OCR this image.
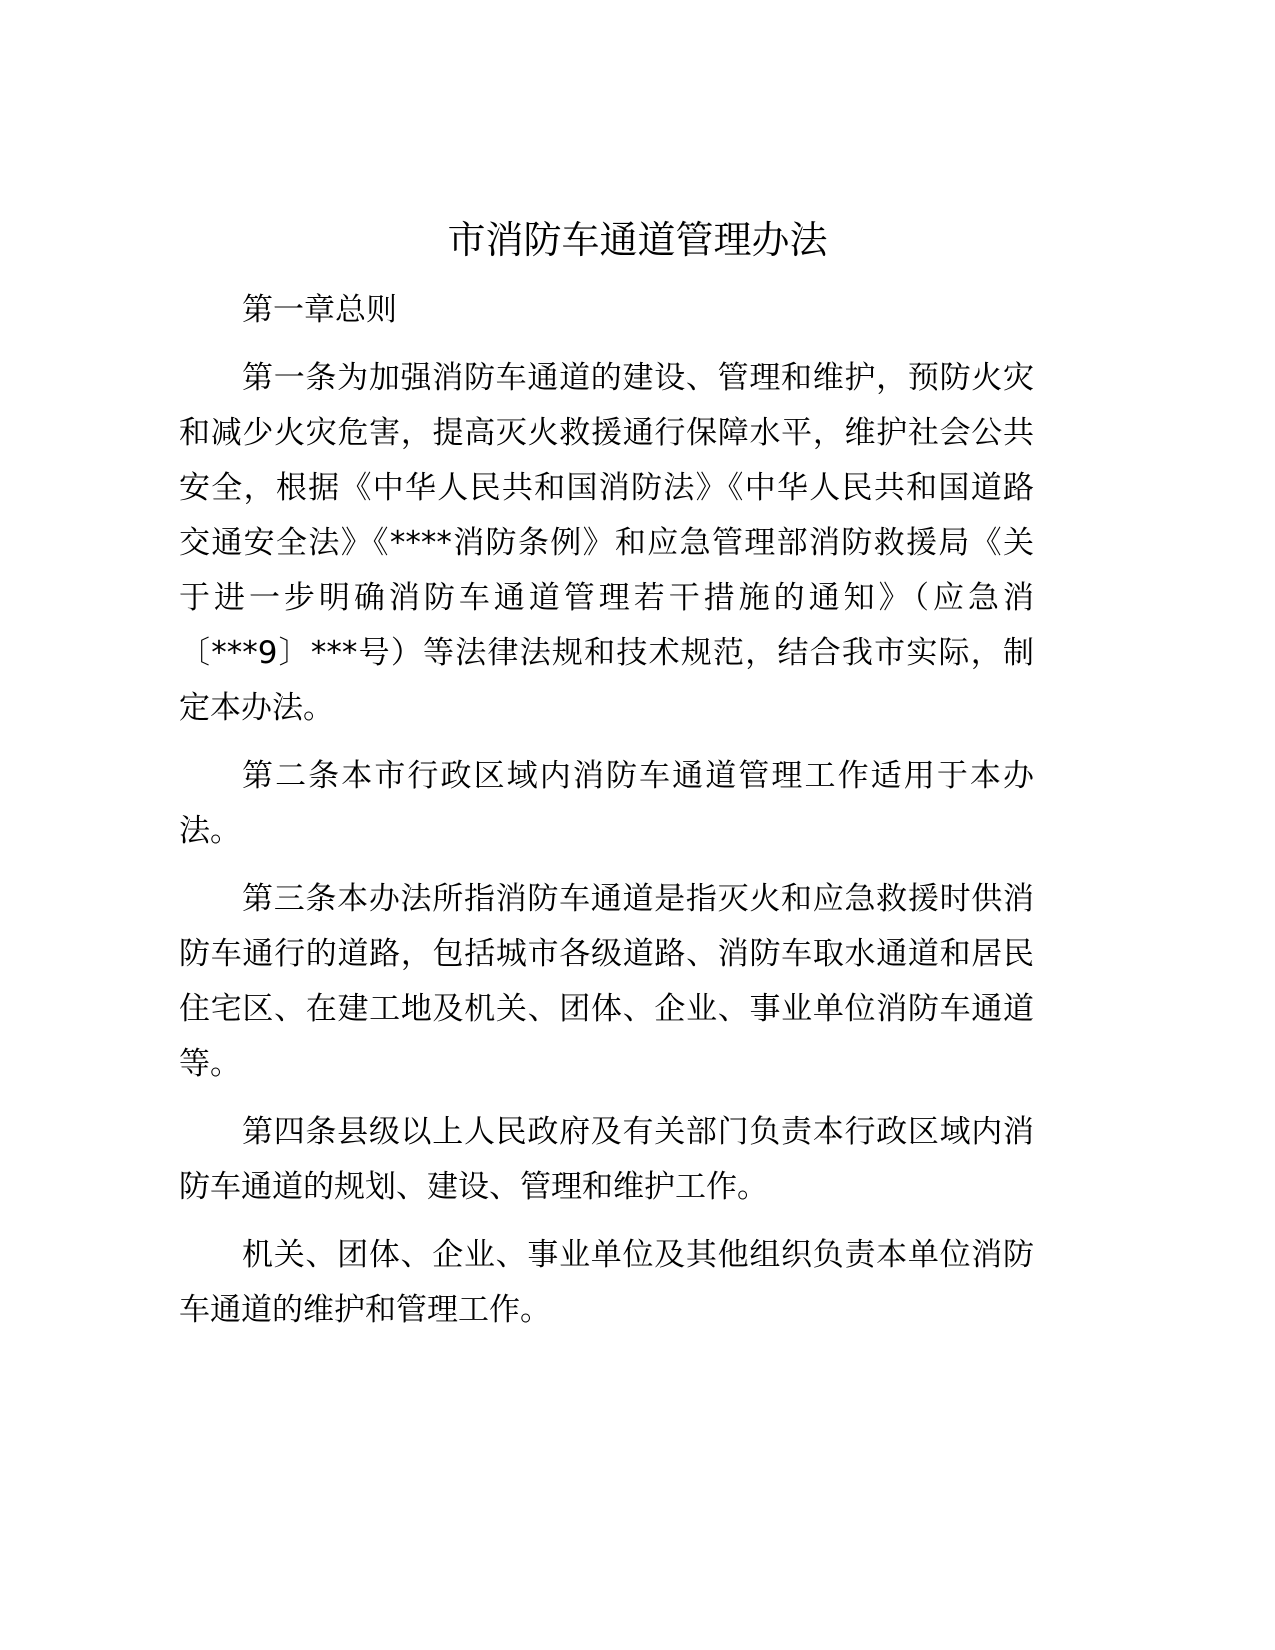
市消防车通道管理办法
第一章总则
第一条为加强消防车通道的建设、管理和维护，预防火灾
和减少火灾危害，提高灭火救援通行保障水平，维护社会公共
安全，根据《中华人民共和国消防法》《中华人民共和国道路
交通安全法》《****消防条例》和应急管理部消防救援局《关
于进一步明确消防车通道管理若干措施的通知》（应急消
〔***9〕***号）等法律法规和技术规范，结合我市实际，制
定本办法。
第二条本市行政区域内消防车通道管理工作适用于本办
法。
第三条本办法所指消防车通道是指灭火和应急救援时供消
防车通行的道路，包括城市各级道路、消防车取水通道和居民
住宅区、在建工地及机关、团体、企业、事业单位消防车通道
等。
第四条县级以上人民政府及有关部门负责本行政区域内消
防车通道的规划、建设、管理和维护工作。
机关、团体、企业、事业单位及其他组织负责本单位消防
车通道的维护和管理工作。
